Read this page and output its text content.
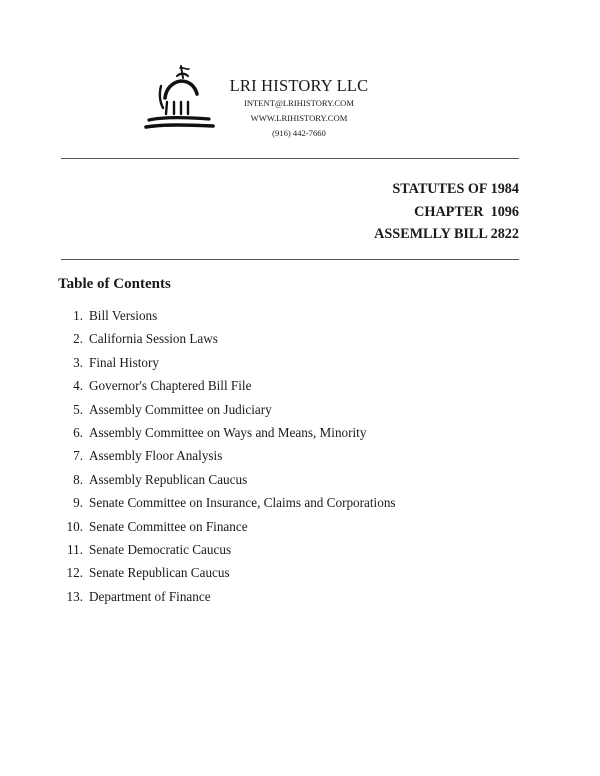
LRI HISTORY LLC
INTENT@LRIHISTORY.COM
WWW.LRIHISTORY.COM
(916) 442-7660
STATUTES OF 1984
CHAPTER  1096
ASSEMLLY BILL 2822
Table of Contents
1. Bill Versions
2. California Session Laws
3. Final History
4. Governor's Chaptered Bill File
5. Assembly Committee on Judiciary
6. Assembly Committee on Ways and Means, Minority
7. Assembly Floor Analysis
8. Assembly Republican Caucus
9. Senate Committee on Insurance, Claims and Corporations
10. Senate Committee on Finance
11. Senate Democratic Caucus
12. Senate Republican Caucus
13. Department of Finance
